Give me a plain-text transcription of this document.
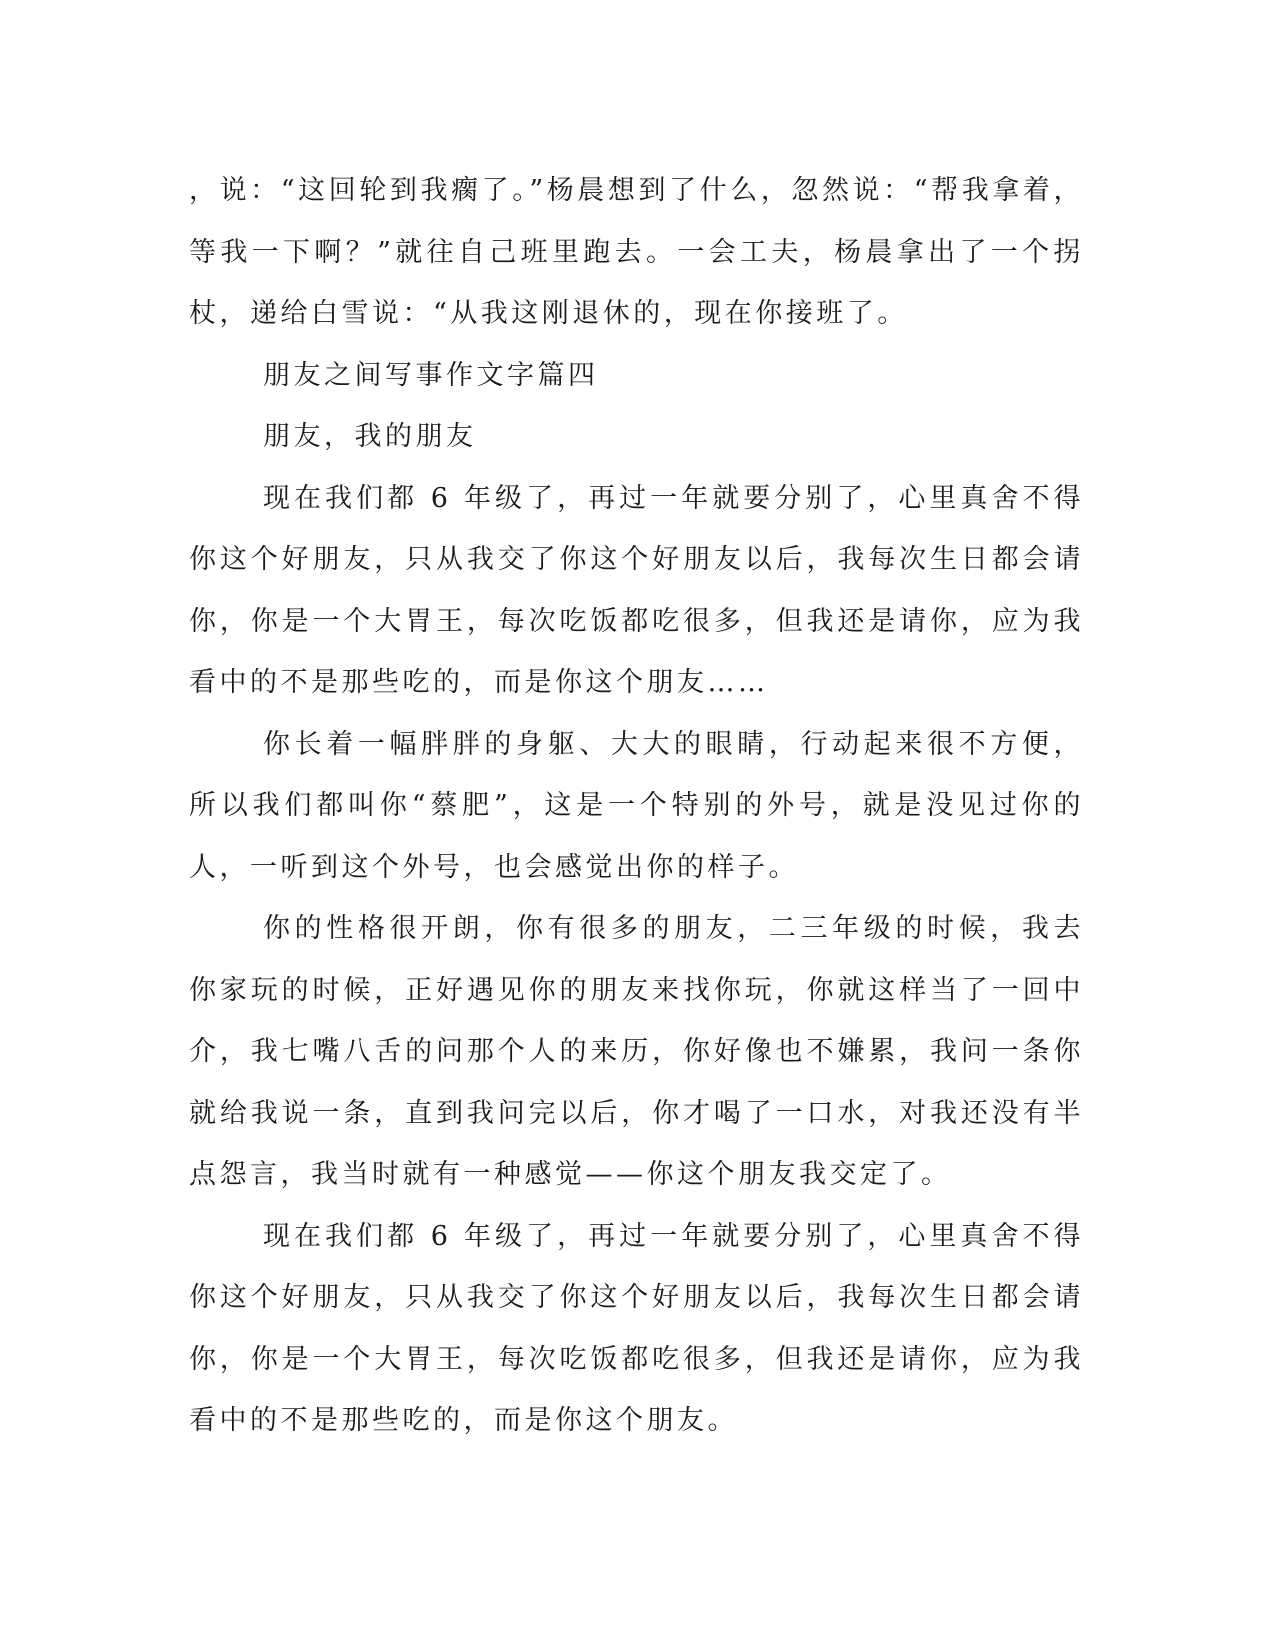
，说：“这回轮到我瘸了。”杨晨想到了什么，忽然说：“帮我拿着，等我一下啊？”就往自己班里跑去。一会工夫，杨晨拿出了一个拐杖，递给白雪说：“从我这刚退休的，现在你接班了。

朋友之间写事作文字篇四

朋友，我的朋友

现在我们都 6 年级了，再过一年就要分别了，心里真舍不得你这个好朋友，只从我交了你这个好朋友以后，我每次生日都会请你，你是一个大胃王，每次吃饭都吃很多，但我还是请你，应为我看中的不是那些吃的，而是你这个朋友……

你长着一幅胖胖的身躯、大大的眼睛，行动起来很不方便，所以我们都叫你“蔡肥”，这是一个特别的外号，就是没见过你的人，一听到这个外号，也会感觉出你的样子。

你的性格很开朗，你有很多的朋友，二三年级的时候，我去你家玩的时候，正好遇见你的朋友来找你玩，你就这样当了一回中介，我七嘴八舌的问那个人的来历，你好像也不嫌累，我问一条你就给我说一条，直到我问完以后，你才喝了一口水，对我还没有半点怨言，我当时就有一种感觉——你这个朋友我交定了。

现在我们都 6 年级了，再过一年就要分别了，心里真舍不得你这个好朋友，只从我交了你这个好朋友以后，我每次生日都会请你，你是一个大胃王，每次吃饭都吃很多，但我还是请你，应为我看中的不是那些吃的，而是你这个朋友。
